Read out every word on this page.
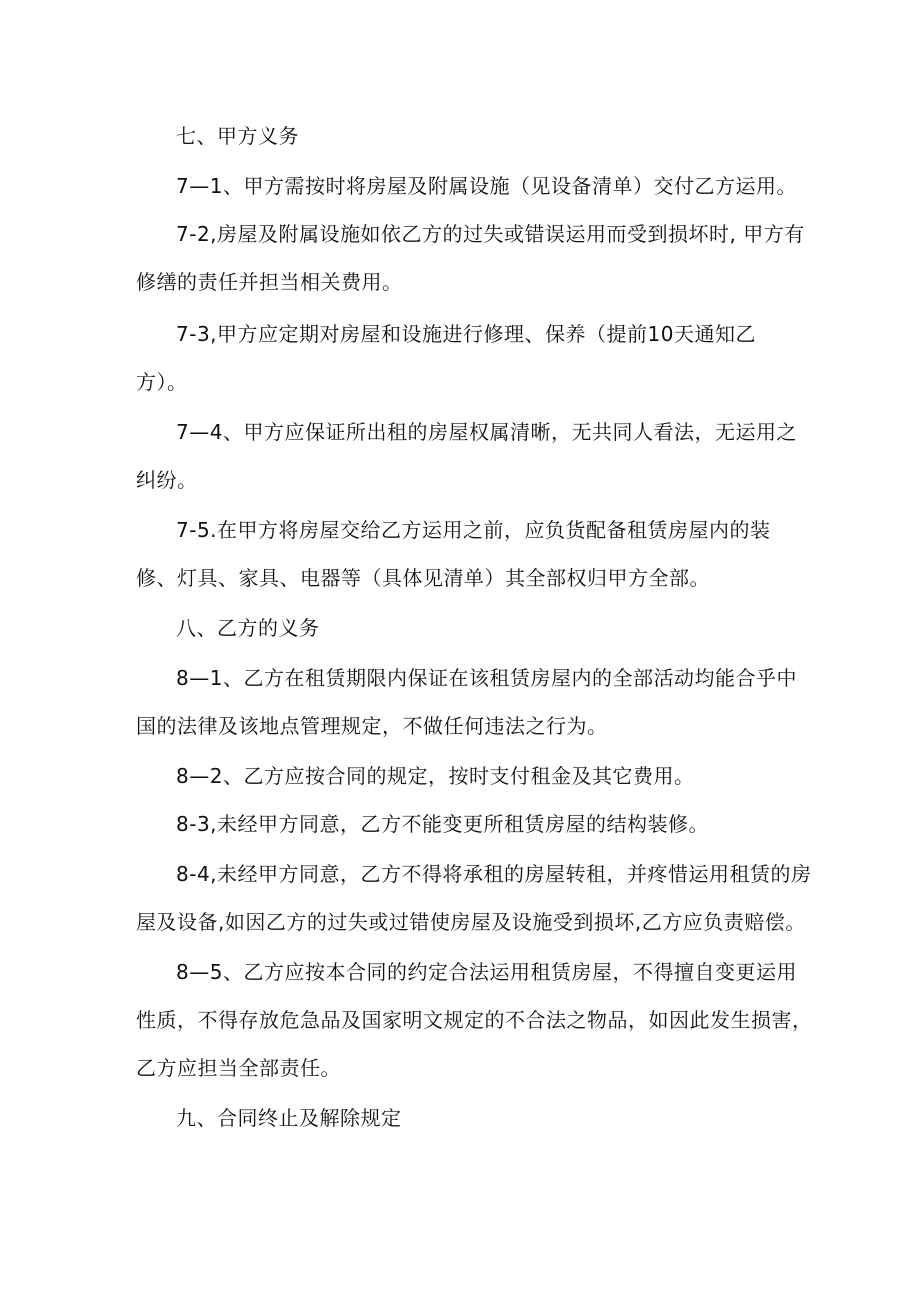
七、甲方义务
7—1、甲方需按时将房屋及附属设施（见设备清单）交付乙方运用。
7-2,房屋及附属设施如依乙方的过失或错误运用而受到损坏时, 甲方有
修缮的责任并担当相关费用。
7-3,甲方应定期对房屋和设施进行修理、保养（提前10天通知乙
方）。
7—4、甲方应保证所出租的房屋权属清晰，无共同人看法，无运用之
纠纷。
7-5.在甲方将房屋交给乙方运用之前，应负货配备租赁房屋内的装
修、灯具、家具、电器等（具体见清单）其全部权归甲方全部。
八、乙方的义务
8—1、乙方在租赁期限内保证在该租赁房屋内的全部活动均能合乎中
国的法律及该地点管理规定，不做任何违法之行为。
8—2、乙方应按合同的规定，按时支付租金及其它费用。
8-3,未经甲方同意，乙方不能变更所租赁房屋的结构装修。
8-4,未经甲方同意，乙方不得将承租的房屋转租，并疼惜运用租赁的房
屋及设备,如因乙方的过失或过错使房屋及设施受到损坏,乙方应负责赔偿。
8—5、乙方应按本合同的约定合法运用租赁房屋，不得擅自变更运用
性质，不得存放危急品及国家明文规定的不合法之物品，如因此发生损害，
乙方应担当全部责任。
九、合同终止及解除规定
